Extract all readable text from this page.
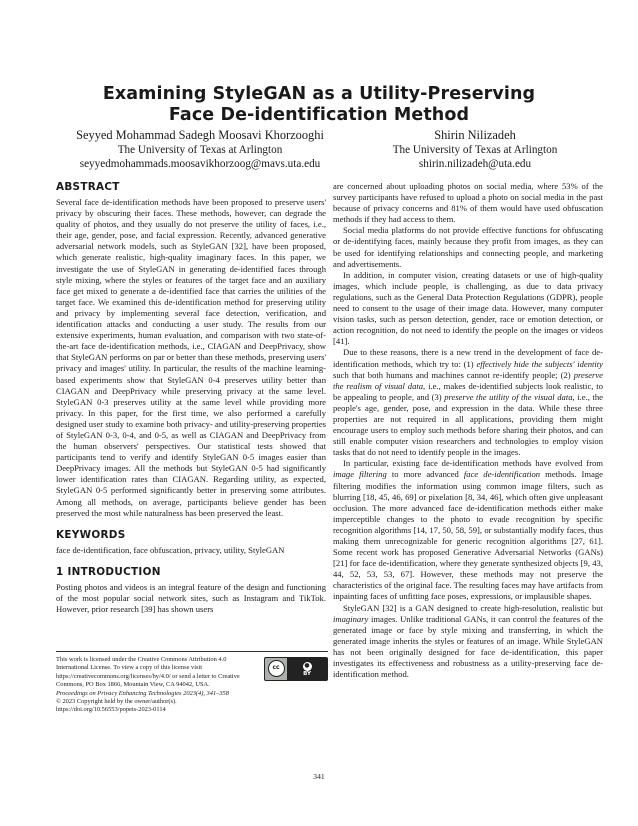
Examining StyleGAN as a Utility-Preserving
Face De-identification Method
Seyyed Mohammad Sadegh Moosavi Khorzooghi
The University of Texas at Arlington
seyyedmohammads.moosavikhorzoog@mavs.uta.edu
Shirin Nilizadeh
The University of Texas at Arlington
shirin.nilizadeh@uta.edu
ABSTRACT

Several face de-identification methods have been proposed to preserve users' privacy by obscuring their faces. These methods, however, can degrade the quality of photos, and they usually do not preserve the utility of faces, i.e., their age, gender, pose, and facial expression. Recently, advanced generative adversarial network models, such as StyleGAN [32], have been proposed, which generate realistic, high-quality imaginary faces. In this paper, we investigate the use of StyleGAN in generating de-identified faces through style mixing, where the styles or features of the target face and an auxiliary face get mixed to generate a de-identified face that carries the utilities of the target face. We examined this de-identification method for preserving utility and privacy by implementing several face detection, verification, and identification attacks and conducting a user study. The results from our extensive experiments, human evaluation, and comparison with two state-of-the-art face de-identification methods, i.e., CIAGAN and DeepPrivacy, show that StyleGAN performs on par or better than these methods, preserving users' privacy and images' utility. In particular, the results of the machine learning-based experiments show that StyleGAN 0-4 preserves utility better than CIAGAN and DeepPrivacy while preserving privacy at the same level. StyleGAN 0-3 preserves utility at the same level while providing more privacy. In this paper, for the first time, we also performed a carefully designed user study to examine both privacy- and utility-preserving properties of StyleGAN 0-3, 0-4, and 0-5, as well as CIAGAN and DeepPrivacy from the human observers' perspectives. Our statistical tests showed that participants tend to verify and identify StyleGAN 0-5 images easier than DeepPrivacy images. All the methods but StyleGAN 0-5 had significantly lower identification rates than CIAGAN. Regarding utility, as expected, StyleGAN 0-5 performed significantly better in preserving some attributes. Among all methods, on average, participants believe gender has been preserved the most while naturalness has been preserved the least.

KEYWORDS

face de-identification, face obfuscation, privacy, utility, StyleGAN

1 INTRODUCTION

Posting photos and videos is an integral feature of the design and functioning of the most popular social network sites, such as Instagram and TikTok. However, prior research [39] has shown users

are concerned about uploading photos on social media, where 53% of the survey participants have refused to upload a photo on social media in the past because of privacy concerns and 81% of them would have used obfuscation methods if they had access to them.

Social media platforms do not provide effective functions for obfuscating or de-identifying faces, mainly because they profit from images, as they can be used for identifying relationships and connecting people, and marketing and advertisements.

In addition, in computer vision, creating datasets or use of high-quality images, which include people, is challenging, as due to data privacy regulations, such as the General Data Protection Regulations (GDPR), people need to consent to the usage of their image data. However, many computer vision tasks, such as person detection, gender, race or emotion detection, or action recognition, do not need to identify the people on the images or videos [41].

Due to these reasons, there is a new trend in the development of face de-identification methods, which try to: (1) effectively hide the subjects' identity such that both humans and machines cannot re-identify people; (2) preserve the realism of visual data, i.e., makes de-identified subjects look realistic, to be appealing to people, and (3) preserve the utility of the visual data, i.e., the people's age, gender, pose, and expression in the data. While these three properties are not required in all applications, providing them might encourage users to employ such methods before sharing their photos, and can still enable computer vision researchers and technologies to employ vision tasks that do not need to identify people in the images.

In particular, existing face de-identification methods have evolved from image filtering to more advanced face de-identification methods. Image filtering modifies the information using common image filters, such as blurring [18, 45, 46, 69] or pixelation [8, 34, 46], which often give unpleasant occlusion. The more advanced face de-identification methods either make imperceptible changes to the photo to evade recognition by specific recognition algorithms [14, 17, 50, 58, 59], or substantially modify faces, thus making them unrecognizable for generic recognition algorithms [27, 61]. Some recent work has proposed Generative Adversarial Networks (GANs) [21] for face de-identification, where they generate synthesized objects [9, 43, 44, 52, 53, 53, 67]. However, these methods may not preserve the characteristics of the original face. The resulting faces may have artifacts from inpainting faces of unfitting face poses, expressions, or implausible shapes.

StyleGAN [32] is a GAN designed to create high-resolution, realistic but imaginary images. Unlike traditional GANs, it can control the features of the generated image or face by style mixing and transferring, in which the generated image inherits the styles or features of an image. While StyleGAN has not been originally designed for face de-identification, this paper investigates its effectiveness and robustness as a utility-preserving face de-identification method.

This work is licensed under the Creative Commons Attribution 4.0 International License. To view a copy of this license visit https://creativecommons.org/licenses/by/4.0/ or send a letter to Creative Commons, PO Box 1866, Mountain View, CA 94042, USA.
cc	●
BY
Proceedings on Privacy Enhancing Technologies 2023(4), 341–358
© 2023 Copyright held by the owner/author(s).
https://doi.org/10.56553/popets-2023-0114
341
